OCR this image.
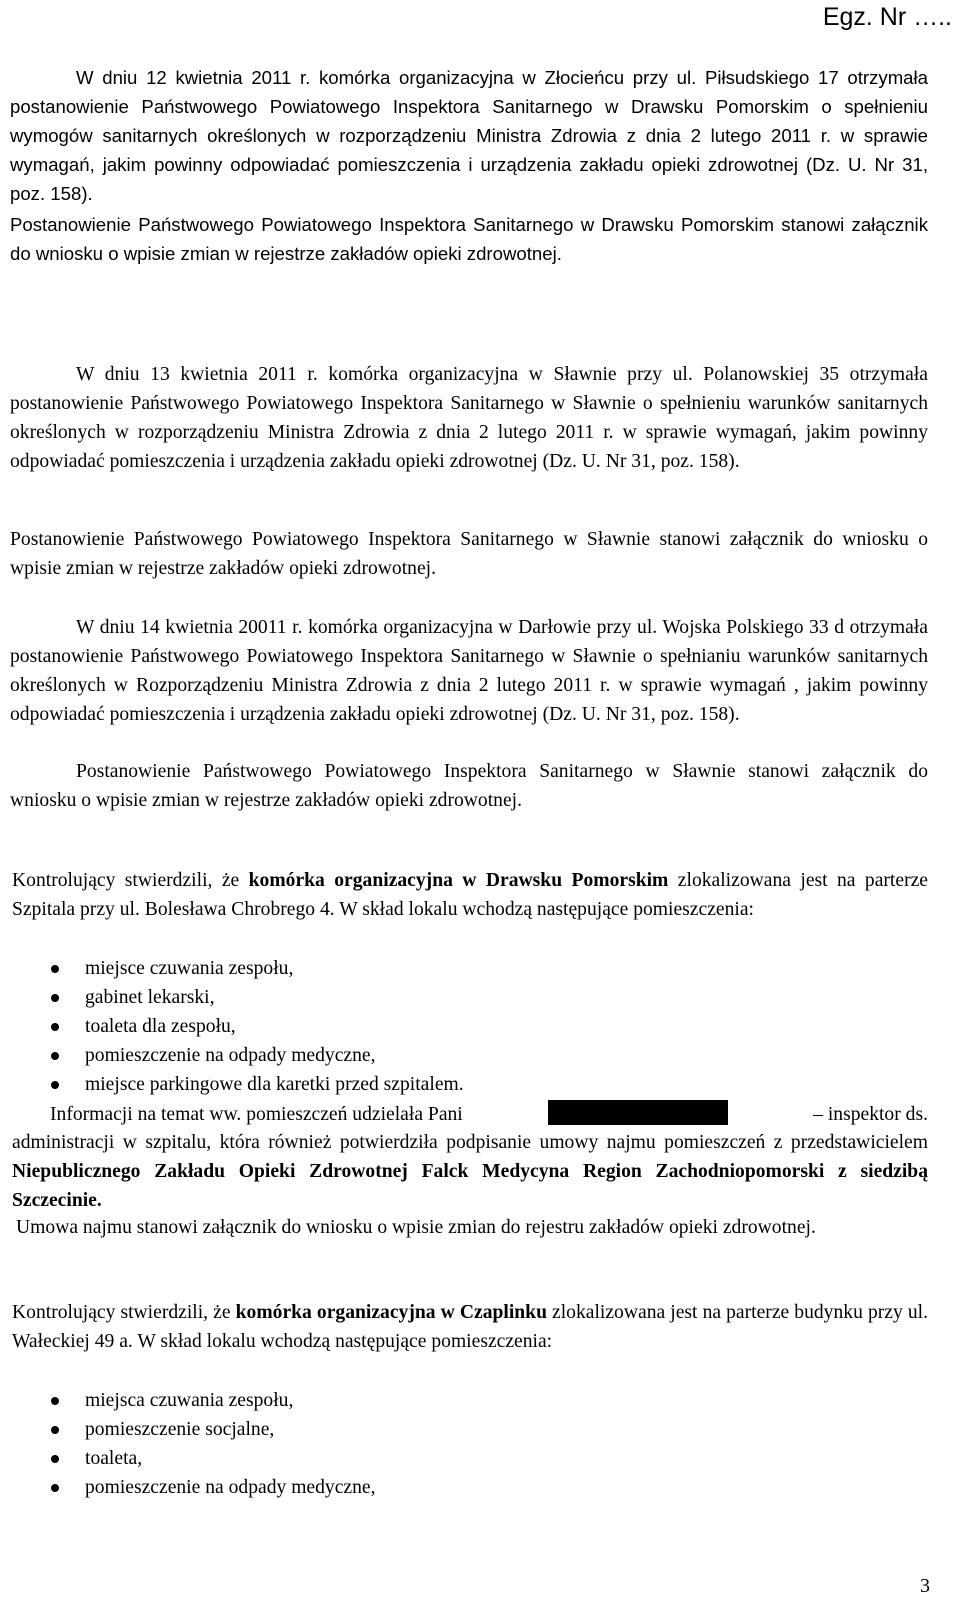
Egz. Nr …..

W dniu 12 kwietnia 2011 r. komórka organizacyjna w Złocieńcu przy ul. Piłsudskiego 17 otrzymała postanowienie Państwowego Powiatowego Inspektora Sanitarnego w Drawsku Pomorskim o spełnieniu wymogów sanitarnych określonych w rozporządzeniu Ministra Zdrowia z dnia 2 lutego 2011 r. w sprawie wymagań, jakim powinny odpowiadać pomieszczenia i urządzenia zakładu opieki zdrowotnej (Dz. U. Nr 31, poz. 158).

Postanowienie Państwowego Powiatowego Inspektora Sanitarnego w Drawsku Pomorskim stanowi załącznik do wniosku o wpisie zmian w rejestrze zakładów opieki zdrowotnej.

W dniu 13 kwietnia 2011 r. komórka organizacyjna w Sławnie przy ul. Polanowskiej 35 otrzymała postanowienie Państwowego Powiatowego Inspektora Sanitarnego w Sławnie o spełnieniu warunków sanitarnych określonych w rozporządzeniu Ministra Zdrowia z dnia 2 lutego 2011 r. w sprawie wymagań, jakim powinny odpowiadać pomieszczenia i urządzenia zakładu opieki zdrowotnej (Dz. U. Nr 31, poz. 158).

Postanowienie Państwowego Powiatowego Inspektora Sanitarnego w Sławnie stanowi załącznik do wniosku o wpisie zmian w rejestrze zakładów opieki zdrowotnej.

W dniu 14 kwietnia 20011 r. komórka organizacyjna w Darłowie przy ul. Wojska Polskiego 33 d otrzymała postanowienie Państwowego Powiatowego Inspektora Sanitarnego w Sławnie o spełnianiu warunków sanitarnych określonych w Rozporządzeniu Ministra Zdrowia z dnia 2 lutego 2011 r. w sprawie wymagań , jakim powinny odpowiadać pomieszczenia i urządzenia zakładu opieki zdrowotnej (Dz. U. Nr 31, poz. 158).

Postanowienie Państwowego Powiatowego Inspektora Sanitarnego w Sławnie stanowi załącznik do wniosku o wpisie zmian w rejestrze zakładów opieki zdrowotnej.

Kontrolujący stwierdzili, że komórka organizacyjna w Drawsku Pomorskim zlokalizowana jest na parterze Szpitala przy ul. Bolesława Chrobrego 4. W skład lokalu wchodzą następujące pomieszczenia:

miejsce czuwania zespołu,
gabinet lekarski,
toaleta dla zespołu,
pomieszczenie na odpady medyczne,
miejsce parkingowe dla karetki przed szpitalem.
Informacji na temat ww. pomieszczeń udzielała Pani	– inspektor ds.

administracji w szpitalu, która również potwierdziła podpisanie umowy najmu pomieszczeń z przedstawicielem Niepublicznego Zakładu Opieki Zdrowotnej Falck Medycyna Region Zachodniopomorski z siedzibą Szczecinie.

Umowa najmu stanowi załącznik do wniosku o wpisie zmian do rejestru zakładów opieki zdrowotnej.

Kontrolujący stwierdzili, że komórka organizacyjna w Czaplinku zlokalizowana jest na parterze budynku przy ul. Wałeckiej 49 a. W skład lokalu wchodzą następujące pomieszczenia:

miejsca czuwania zespołu,
pomieszczenie socjalne,
toaleta,
pomieszczenie na odpady medyczne,
3
